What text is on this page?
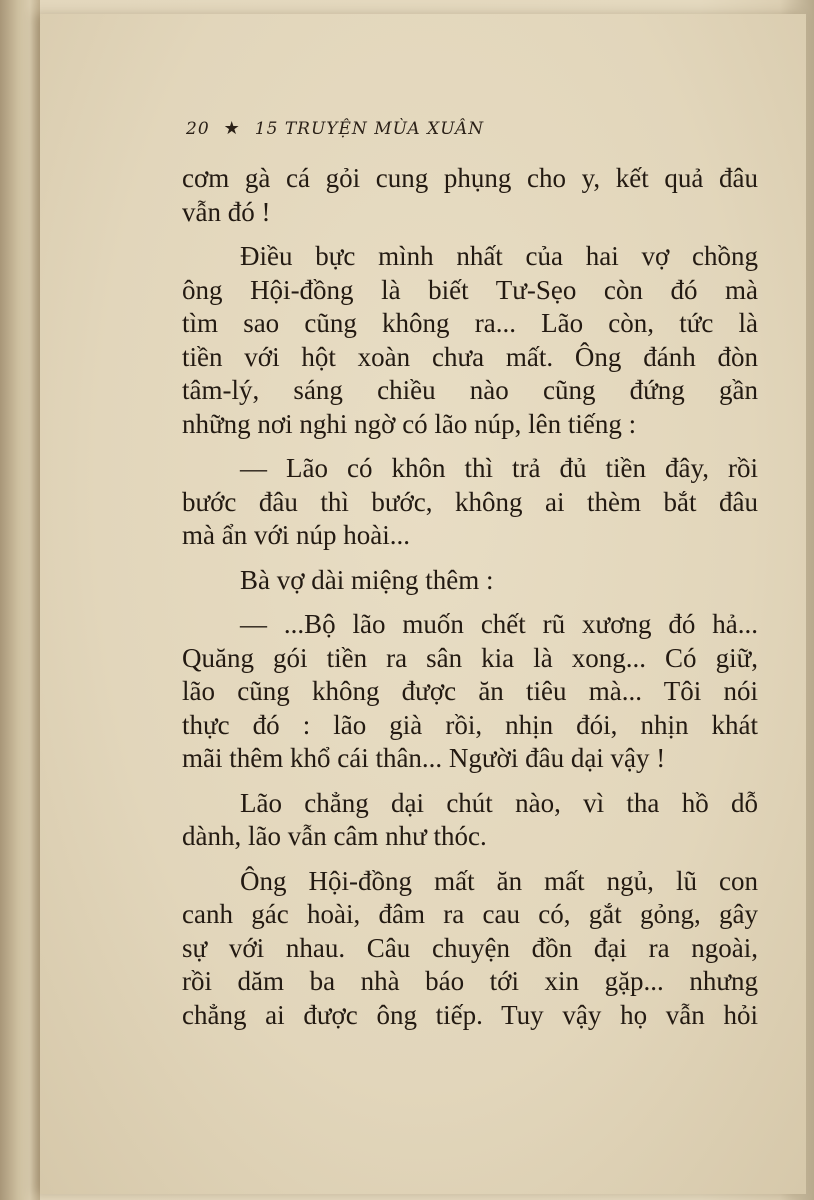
20 ★ 15 TRUYỆN MÙA XUÂN
cơm gà cá gỏi cung phụng cho y, kết quả đâu
vẫn đó !
Điều bực mình nhất của hai vợ chồng
ông Hội-đồng là biết Tư-Sẹo còn đó mà
tìm sao cũng không ra... Lão còn, tức là
tiền với hột xoàn chưa mất. Ông đánh đòn
tâm-lý, sáng chiều nào cũng đứng gần
những nơi nghi ngờ có lão núp, lên tiếng :
— Lão có khôn thì trả đủ tiền đây, rồi
bước đâu thì bước, không ai thèm bắt đâu
mà ẩn với núp hoài...
Bà vợ dài miệng thêm :
— ...Bộ lão muốn chết rũ xương đó hả...
Quăng gói tiền ra sân kia là xong... Có giữ,
lão cũng không được ăn tiêu mà... Tôi nói
thực đó : lão già rồi, nhịn đói, nhịn khát
mãi thêm khổ cái thân... Người đâu dại vậy !
Lão chẳng dại chút nào, vì tha hồ dỗ
dành, lão vẫn câm như thóc.
Ông Hội-đồng mất ăn mất ngủ, lũ con
canh gác hoài, đâm ra cau có, gắt gỏng, gây
sự với nhau. Câu chuyện đồn đại ra ngoài,
rồi dăm ba nhà báo tới xin gặp... nhưng
chẳng ai được ông tiếp. Tuy vậy họ vẫn hỏi
